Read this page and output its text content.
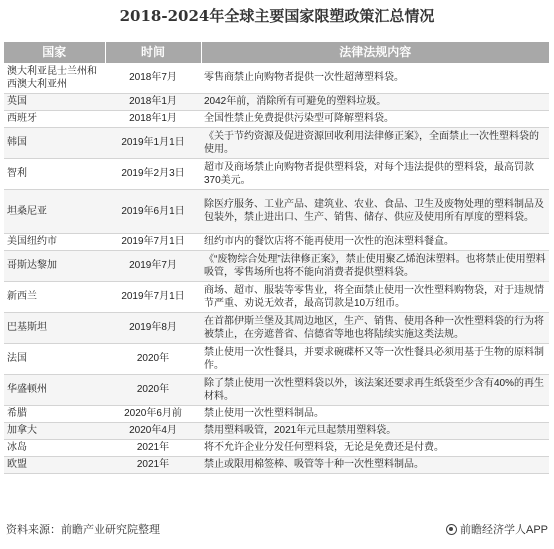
2018-2024年全球主要国家限塑政策汇总情况
国家	时间	法律法规内容
澳大利亚昆士兰州和西澳大利亚州	2018年7月	零售商禁止向购物者提供一次性超薄塑料袋。
英国	2018年1月	2042年前，消除所有可避免的塑料垃圾。
西班牙	2018年1月	全国性禁止免费提供污染型可降解塑料袋。
韩国	2019年1月1日	《关于节约资源及促进资源回收利用法律修正案》，全面禁止一次性塑料袋的使用。
智利	2019年2月3日	超市及商场禁止向购物者提供塑料袋，对每个违法提供的塑料袋，最高罚款370美元。
坦桑尼亚	2019年6月1日	除医疗服务、工业产品、建筑业、农业、食品、卫生及废物处理的塑料制品及包装外，禁止进出口、生产、销售、储存、供应及使用所有厚度的塑料袋。
美国纽约市	2019年7月1日	纽约市内的餐饮店将不能再使用一次性的泡沫塑料餐盒。
哥斯达黎加	2019年7月	《“废物综合处理”法律修正案》，禁止使用聚乙烯泡沫塑料。也将禁止使用塑料吸管，零售场所也将不能向消费者提供塑料袋。
新西兰	2019年7月1日	商场、超市、服装等零售业，将全面禁止使用一次性塑料购物袋，对于违规情节严重、劝说无效者，最高罚款是10万纽币。
巴基斯坦	2019年8月	在首都伊斯兰堡及其周边地区，生产、销售、使用各种一次性塑料袋的行为将被禁止，在旁遮普省、信德省等地也将陆续实施这类法规。
法国	2020年	禁止使用一次性餐具，并要求碗碟杯又等一次性餐具必须用基于生物的原料制作。
华盛顿州	2020年	除了禁止使用一次性塑料袋以外，该法案还要求再生纸袋至少含有40%的再生材料。
希腊	2020年6月前	禁止使用一次性塑料制品。
加拿大	2020年4月	禁用塑料吸管，2021年元旦起禁用塑料袋。
冰岛	2021年	将不允许企业分发任何塑料袋，无论是免费还是付费。
欧盟	2021年	禁止或限用棉签棒、吸管等十种一次性塑料制品。
资料来源：前瞻产业研究院整理	前瞻经济学人APP
